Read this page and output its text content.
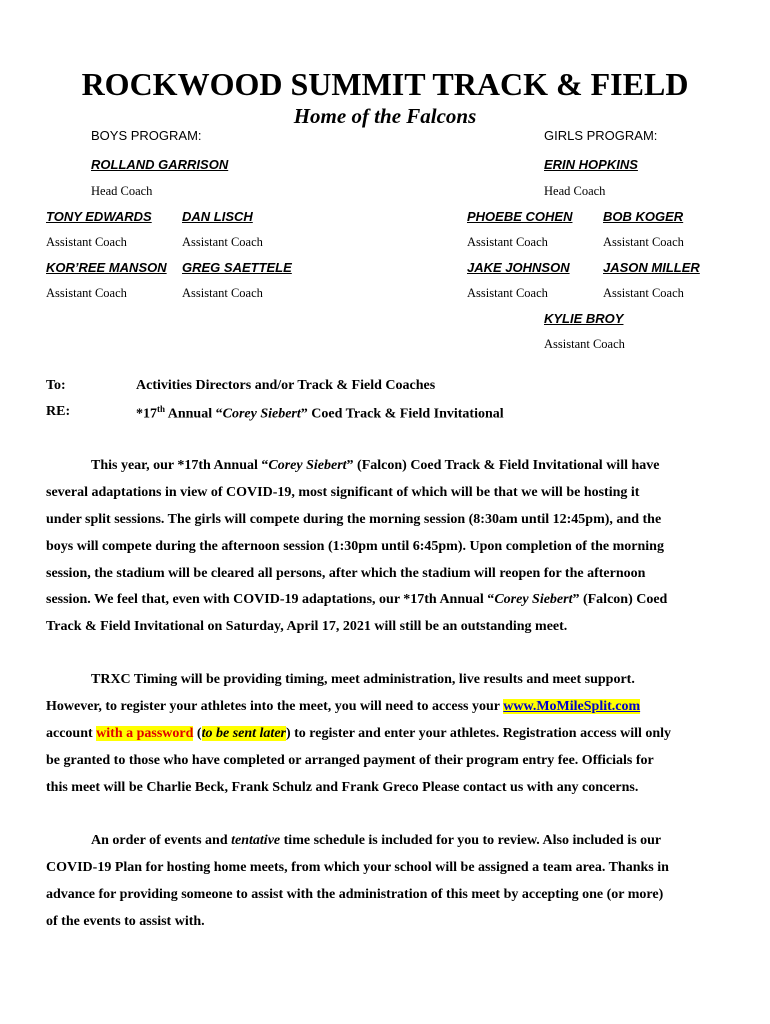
ROCKWOOD SUMMIT TRACK & FIELD
Home of the Falcons
BOYS PROGRAM:
ROLLAND GARRISON
Head Coach
TONY EDWARDS
Assistant Coach
DAN LISCH
Assistant Coach
KOR’REE MANSON
Assistant Coach
GREG SAETTELE
Assistant Coach
GIRLS PROGRAM:
ERIN HOPKINS
Head Coach
PHOEBE COHEN
Assistant Coach
BOB KOGER
Assistant Coach
JAKE JOHNSON
Assistant Coach
JASON MILLER
Assistant Coach
KYLIE BROY
Assistant Coach
To:	Activities Directors and/or Track & Field Coaches
RE:	*17th Annual “Corey Siebert” Coed Track & Field Invitational
This year, our *17th Annual “Corey Siebert” (Falcon) Coed Track & Field Invitational will have
several adaptations in view of COVID-19, most significant of which will be that we will be hosting it
under split sessions. The girls will compete during the morning session (8:30am until 12:45pm), and the
boys will compete during the afternoon session (1:30pm until 6:45pm). Upon completion of the morning
session, the stadium will be cleared all persons, after which the stadium will reopen for the afternoon
session. We feel that, even with COVID-19 adaptations, our *17th Annual “Corey Siebert” (Falcon) Coed
Track & Field Invitational on Saturday, April 17, 2021 will still be an outstanding meet.
TRXC Timing will be providing timing, meet administration, live results and meet support.
However, to register your athletes into the meet, you will need to access your www.MoMileSplit.com
account with a password (to be sent later) to register and enter your athletes. Registration access will only
be granted to those who have completed or arranged payment of their program entry fee. Officials for
this meet will be Charlie Beck, Frank Schulz and Frank Greco Please contact us with any concerns.
An order of events and tentative time schedule is included for you to review. Also included is our
COVID-19 Plan for hosting home meets, from which your school will be assigned a team area. Thanks in
advance for providing someone to assist with the administration of this meet by accepting one (or more)
of the events to assist with.
